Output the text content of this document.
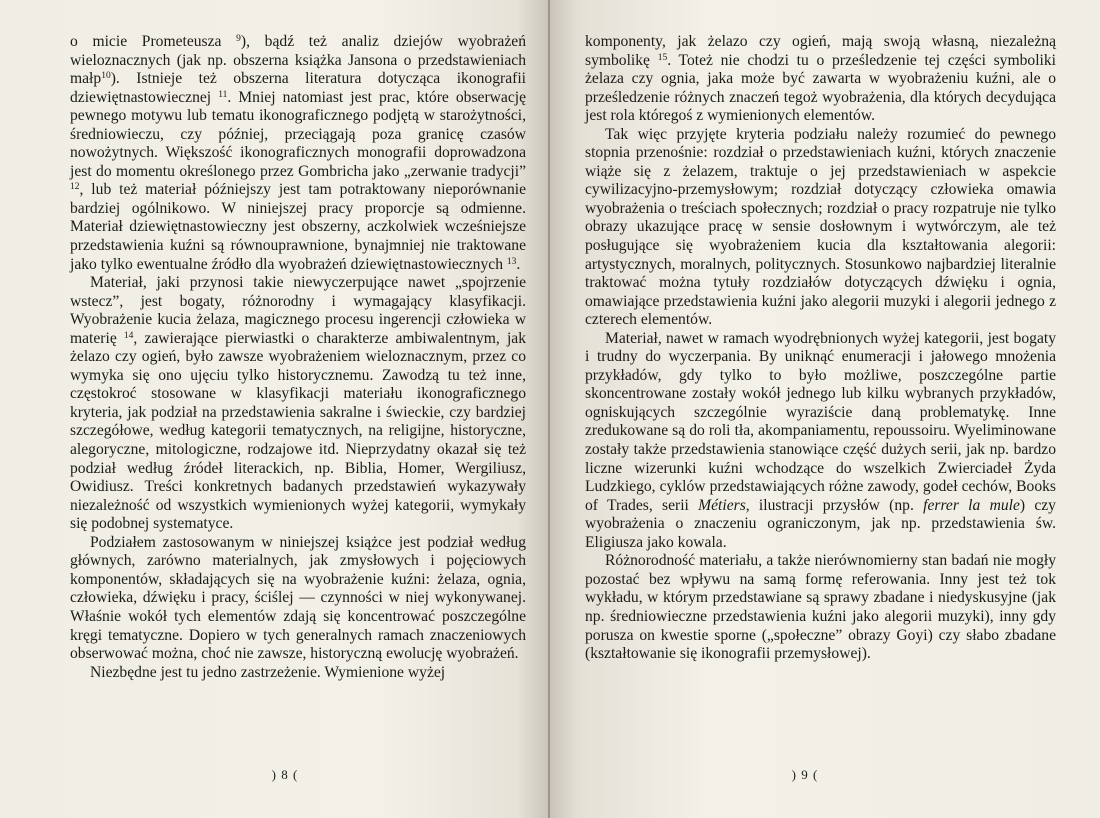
o micie Prometeusza $^9$), bądź też analiz dziejów wyobrażeń wieloznacznych (jak np. obszerna książka Jansona o przedstawieniach małp$^{10}$). Istnieje też obszerna literatura dotycząca ikonografii dziewiętnastowiecznej $^{11}$. Mniej natomiast jest prac, które obserwację pewnego motywu lub tematu ikonograficznego podjętą w starożytności, średniowieczu, czy później, przeciągają poza granicę czasów nowożytnych. Większość ikonograficznych monografii doprowadzona jest do momentu określonego przez Gombricha jako „zerwanie tradycji” $^{12}$, lub też materiał późniejszy jest tam potraktowany nieporównanie bardziej ogólnikowo. W niniejszej pracy proporcje są odmienne. Materiał dziewiętnastowieczny jest obszerny, aczkolwiek wcześniejsze przedstawienia kuźni są równouprawnione, bynajmniej nie traktowane jako tylko ewentualne źródło dla wyobrażeń dziewiętnastowiecznych $^{13}$.

Materiał, jaki przynosi takie niewyczerpujące nawet „spojrzenie wstecz”, jest bogaty, różnorodny i wymagający klasyfikacji. Wyobrażenie kucia żelaza, magicznego procesu ingerencji człowieka w materię $^{14}$, zawierające pierwiastki o charakterze ambiwalentnym, jak żelazo czy ogień, było zawsze wyobrażeniem wieloznacznym, przez co wymyka się ono ujęciu tylko historycznemu. Zawodzą tu też inne, częstokroć stosowane w klasyfikacji materiału ikonograficznego kryteria, jak podział na przedstawienia sakralne i świeckie, czy bardziej szczegółowe, według kategorii tematycznych, na religijne, historyczne, alegoryczne, mitologiczne, rodzajowe itd. Nieprzydatny okazał się też podział według źródeł literackich, np. Biblia, Homer, Wergiliusz, Owidiusz. Treści konkretnych badanych przedstawień wykazywały niezależność od wszystkich wymienionych wyżej kategorii, wymykały się podobnej systematyce.

Podziałem zastosowanym w niniejszej książce jest podział według głównych, zarówno materialnych, jak zmysłowych i pojęciowych komponentów, składających się na wyobrażenie kuźni: żelaza, ognia, człowieka, dźwięku i pracy, ściślej — czynności w niej wykonywanej. Właśnie wokół tych elementów zdają się koncentrować poszczególne kręgi tematyczne. Dopiero w tych generalnych ramach znaczeniowych obserwować można, choć nie zawsze, historyczną ewolucję wyobrażeń.

Niezbędne jest tu jedno zastrzeżenie. Wymienione wyżej

) 8 (

komponenty, jak żelazo czy ogień, mają swoją własną, niezależną symbolikę $^{15}$. Toteż nie chodzi tu o prześledzenie tej części symboliki żelaza czy ognia, jaka może być zawarta w wyobrażeniu kuźni, ale o prześledzenie różnych znaczeń tegoż wyobrażenia, dla których decydująca jest rola któregoś z wymienionych elementów.

Tak więc przyjęte kryteria podziału należy rozumieć do pewnego stopnia przenośnie: rozdział o przedstawieniach kuźni, których znaczenie wiąże się z żelazem, traktuje o jej przedstawieniach w aspekcie cywilizacyjno-przemysłowym; rozdział dotyczący człowieka omawia wyobrażenia o treściach społecznych; rozdział o pracy rozpatruje nie tylko obrazy ukazujące pracę w sensie dosłownym i wytwórczym, ale też posługujące się wyobrażeniem kucia dla kształtowania alegorii: artystycznych, moralnych, politycznych. Stosunkowo najbardziej literalnie traktować można tytuły rozdziałów dotyczących dźwięku i ognia, omawiające przedstawienia kuźni jako alegorii muzyki i alegorii jednego z czterech elementów.

Materiał, nawet w ramach wyodrębnionych wyżej kategorii, jest bogaty i trudny do wyczerpania. By uniknąć enumeracji i jałowego mnożenia przykładów, gdy tylko to było możliwe, poszczególne partie skoncentrowane zostały wokół jednego lub kilku wybranych przykładów, ogniskujących szczególnie wyraziście daną problematykę. Inne zredukowane są do roli tła, akompaniamentu, repoussoiru. Wyeliminowane zostały także przedstawienia stanowiące część dużych serii, jak np. bardzo liczne wizerunki kuźni wchodzące do wszelkich Zwierciadeł Żyda Ludzkiego, cyklów przedstawiających różne zawody, godeł cechów, Books of Trades, serii Métiers, ilustracji przysłów (np. ferrer la mule) czy wyobrażenia o znaczeniu ograniczonym, jak np. przedstawienia św. Eligiusza jako kowala.

Różnorodność materiału, a także nierównomierny stan badań nie mogły pozostać bez wpływu na samą formę referowania. Inny jest też tok wykładu, w którym przedstawiane są sprawy zbadane i niedyskusyjne (jak np. średniowieczne przedstawienia kuźni jako alegorii muzyki), inny gdy porusza on kwestie sporne („społeczne” obrazy Goyi) czy słabo zbadane (kształtowanie się ikonografii przemysłowej).

) 9 (
